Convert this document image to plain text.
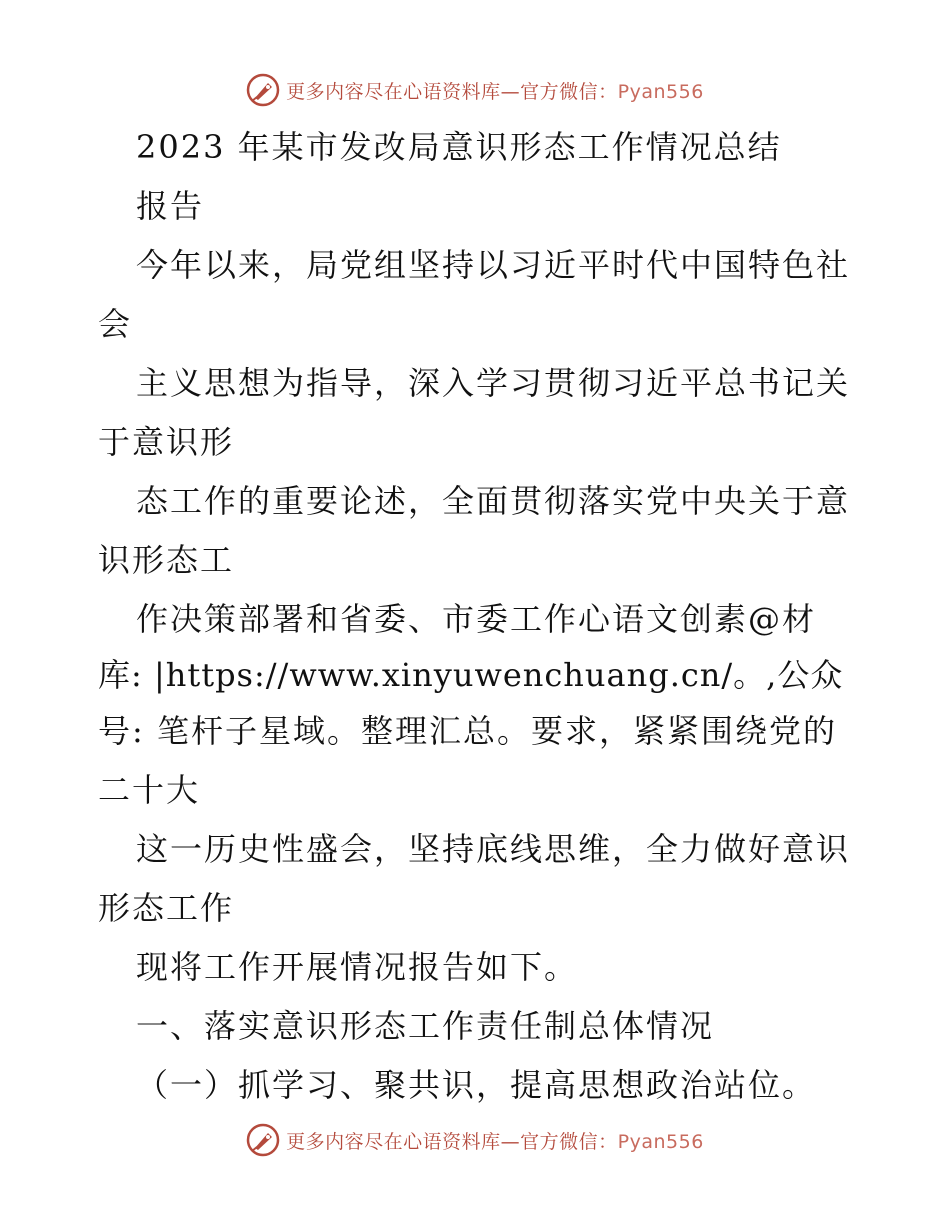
更多内容尽在心语资料库—官方微信：Pyan556
2023 年某市发改局意识形态工作情况总结
报告
今年以来，局党组坚持以习近平时代中国特色社
会
主义思想为指导，深入学习贯彻习近平总书记关
于意识形
态工作的重要论述，全面贯彻落实党中央关于意
识形态工
作决策部署和省委、市委工作心语文创素@材
库: |https://www.xinyuwenchuang.cn/。,公众
号: 笔杆子星域。整理汇总。要求，紧紧围绕党的
二十大
这一历史性盛会，坚持底线思维，全力做好意识
形态工作
现将工作开展情况报告如下。
一、落实意识形态工作责任制总体情况
（一）抓学习、聚共识，提高思想政治站位。
更多内容尽在心语资料库—官方微信：Pyan556
